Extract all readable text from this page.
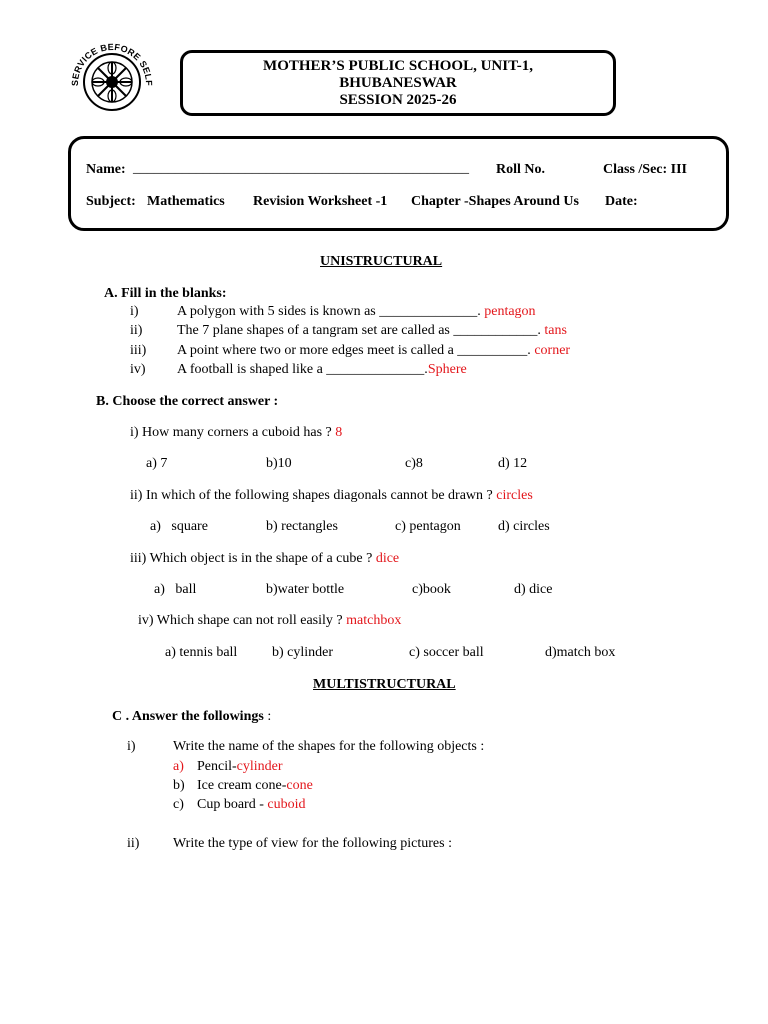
SERVICE BEFORE SELF
MOTHER’S PUBLIC SCHOOL, UNIT-1,
BHUBANESWAR
SESSION 2025-26
Name: ________________________________________________ Roll No.	Class /Sec: III
Subject: Mathematics Revision Worksheet -1 Chapter -Shapes Around Us Date:
UNISTRUCTURAL
A. Fill in the blanks:
i)	A polygon with 5 sides is known as ______________. pentagon
ii) The 7 plane shapes of a tangram set are called as ____________. tans
iii) A point where two or more edges meet is called a __________. corner
iv) A football is shaped like a ______________.Sphere
B. Choose the correct answer :
i) How many corners a cuboid has ? 8
a) 7	b)10	c)8	d) 12
ii) In which of the following shapes diagonals cannot be drawn ? circles
a)   square	b) rectangles	c) pentagon	d) circles
iii) Which object is in the shape of a cube ? dice
a)   ball	b)water bottle	c)book	d) dice
iv) Which shape can not roll easily ? matchbox
a) tennis ball b) cylinder	c) soccer ball	d)match box
MULTISTRUCTURAL
C . Answer the followings :
i)	Write the name of the shapes for the following objects :
a) Pencil-cylinder
b) Ice cream cone-cone
c) Cup board - cuboid
ii) Write the type of view for the following pictures :
